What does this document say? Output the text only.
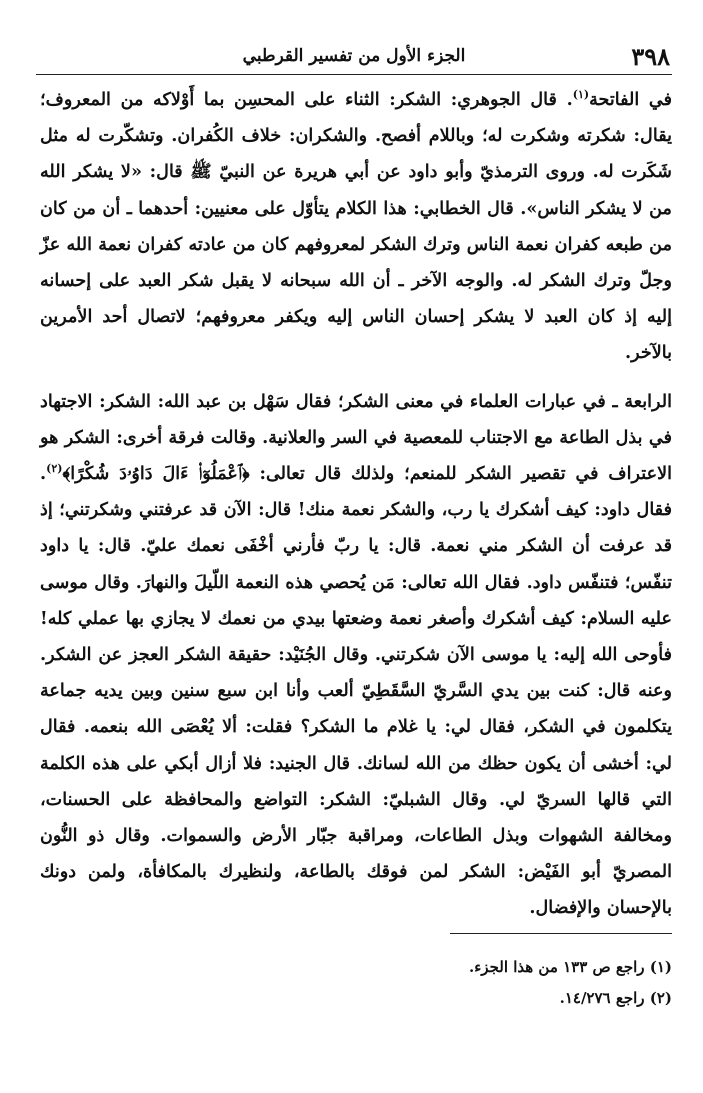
٣٩٨
الجزء الأول من تفسير القرطبي

في الفاتحة$^{(١)}$. قال الجوهري: الشكر: الثناء على المحسِن بما أَوْلاكه من المعروف؛ يقال: شكرته وشكرت له؛ وباللام أفصح. والشكران: خلاف الكُفران. وتشكّرت له مثل شَكَرت له. وروى الترمذيّ وأبو داود عن أبي هريرة عن النبيّ ﷺ قال: «لا يشكر الله من لا يشكر الناس». قال الخطابي: هذا الكلام يتأوّل على معنيين: أحدهما ـ أن من كان من طبعه كفران نعمة الناس وترك الشكر لمعروفهم كان من عادته كفران نعمة الله عزّ وجلّ وترك الشكر له. والوجه الآخر ـ أن الله سبحانه لا يقبل شكر العبد على إحسانه إليه إذ كان العبد لا يشكر إحسان الناس إليه ويكفر معروفهم؛ لاتصال أحد الأمرين بالآخر.

الرابعة ـ في عبارات العلماء في معنى الشكر؛ فقال سَهْل بن عبد الله: الشكر: الاجتهاد في بذل الطاعة مع الاجتناب للمعصية في السر والعلانية. وقالت فرقة أخرى: الشكر هو الاعتراف في تقصير الشكر للمنعم؛ ولذلك قال تعالى: ﴿ٱعْمَلُوٓا۟ ءَالَ دَاوُۥدَ شُكْرًا﴾$^{(٢)}$. فقال داود: كيف أشكرك يا رب، والشكر نعمة منك! قال: الآن قد عرفتني وشكرتني؛ إذ قد عرفت أن الشكر مني نعمة. قال: يا ربّ فأرني أخْفَى نعمك عليّ. قال: يا داود تنفّس؛ فتنفّس داود. فقال الله تعالى: مَن يُحصي هذه النعمة اللّيلَ والنهارَ. وقال موسى عليه السلام: كيف أشكرك وأصغر نعمة وضعتها بيدي من نعمك لا يجازي بها عملي كله! فأوحى الله إليه: يا موسى الآن شكرتني. وقال الجُنَيْد: حقيقة الشكر العجز عن الشكر. وعنه قال: كنت بين يدي السَّريّ السَّقَطِيّ ألعب وأنا ابن سبع سنين وبين يديه جماعة يتكلمون في الشكر، فقال لي: يا غلام ما الشكر؟ فقلت: ألا يُعْصَى الله بنعمه. فقال لي: أخشى أن يكون حظك من الله لسانك. قال الجنيد: فلا أزال أبكي على هذه الكلمة التي قالها السريّ لي. وقال الشبليّ: الشكر: التواضع والمحافظة على الحسنات، ومخالفة الشهوات وبذل الطاعات، ومراقبة جبّار الأرض والسموات. وقال ذو النُّون المصريّ أبو الفَيْض: الشكر لمن فوقك بالطاعة، ولنظيرك بالمكافأة، ولمن دونك بالإحسان والإفضال.

(١) راجع ص ١٣٣ من هذا الجزء.
(٢) راجع ١٤/٢٧٦.
